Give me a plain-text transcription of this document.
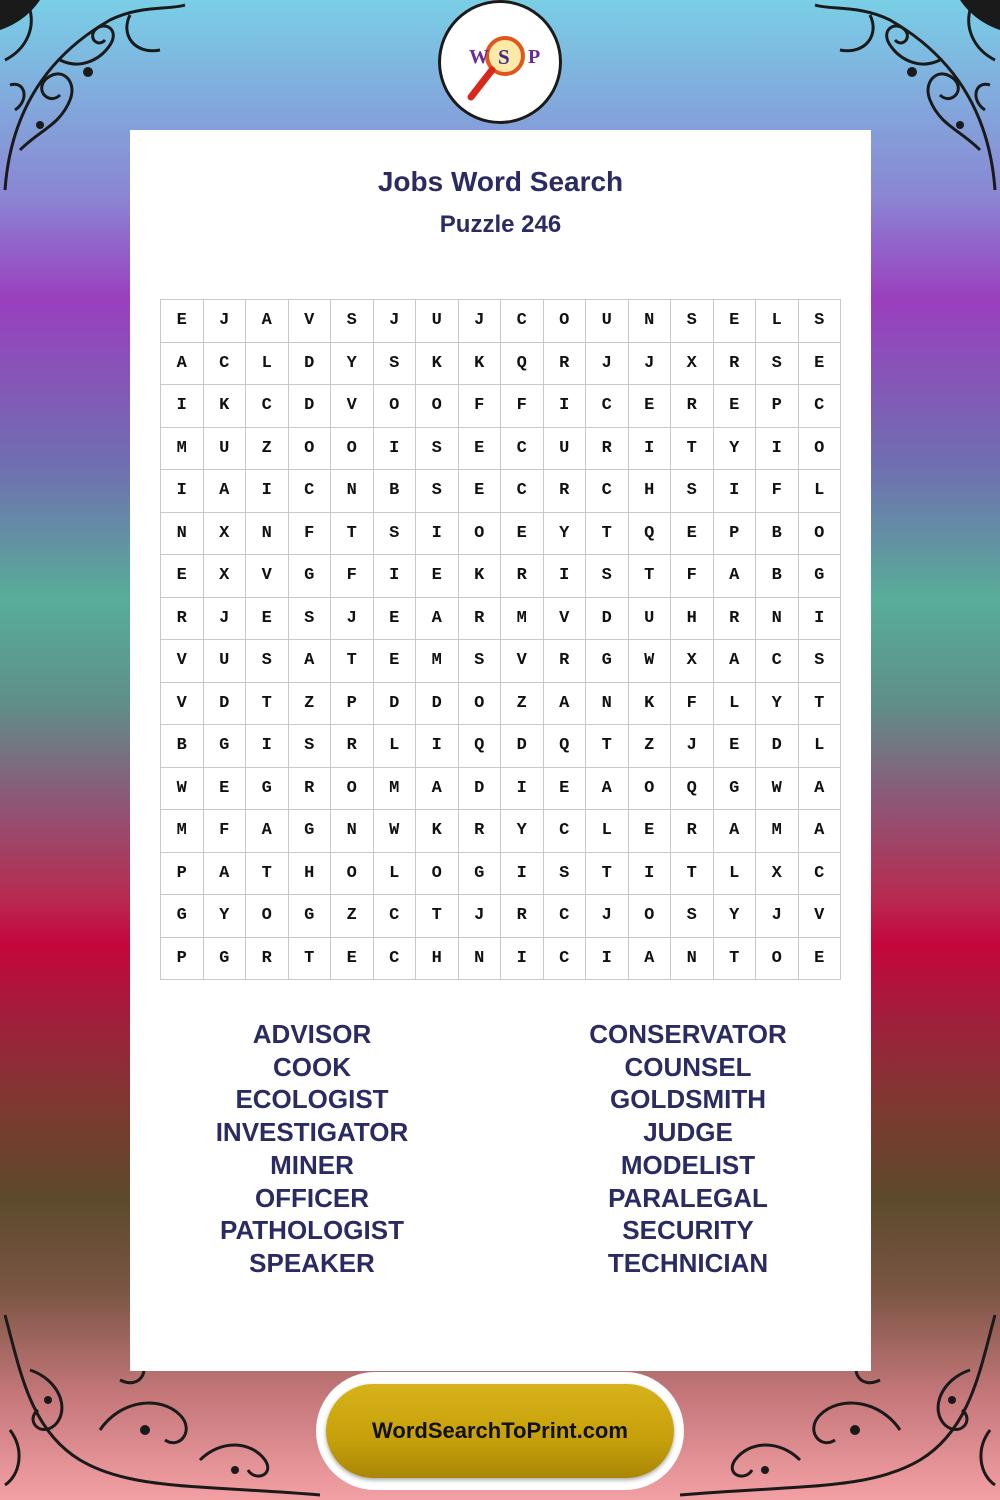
W S P
Jobs Word Search
Puzzle 246
E	J	A	V	S	J	U	J	C	O	U	N	S	E	L	S
A	C	L	D	Y	S	K	K	Q	R	J	J	X	R	S	E
I	K	C	D	V	O	O	F	F	I	C	E	R	E	P	C
M	U	Z	O	O	I	S	E	C	U	R	I	T	Y	I	O
I	A	I	C	N	B	S	E	C	R	C	H	S	I	F	L
N	X	N	F	T	S	I	O	E	Y	T	Q	E	P	B	O
E	X	V	G	F	I	E	K	R	I	S	T	F	A	B	G
R	J	E	S	J	E	A	R	M	V	D	U	H	R	N	I
V	U	S	A	T	E	M	S	V	R	G	W	X	A	C	S
V	D	T	Z	P	D	D	O	Z	A	N	K	F	L	Y	T
B	G	I	S	R	L	I	Q	D	Q	T	Z	J	E	D	L
W	E	G	R	O	M	A	D	I	E	A	O	Q	G	W	A
M	F	A	G	N	W	K	R	Y	C	L	E	R	A	M	A
P	A	T	H	O	L	O	G	I	S	T	I	T	L	X	C
G	Y	O	G	Z	C	T	J	R	C	J	O	S	Y	J	V
P	G	R	T	E	C	H	N	I	C	I	A	N	T	O	E
ADVISOR
COOK
ECOLOGIST
INVESTIGATOR
MINER
OFFICER
PATHOLOGIST
SPEAKER
CONSERVATOR
COUNSEL
GOLDSMITH
JUDGE
MODELIST
PARALEGAL
SECURITY
TECHNICIAN
WordSearchToPrint.com
